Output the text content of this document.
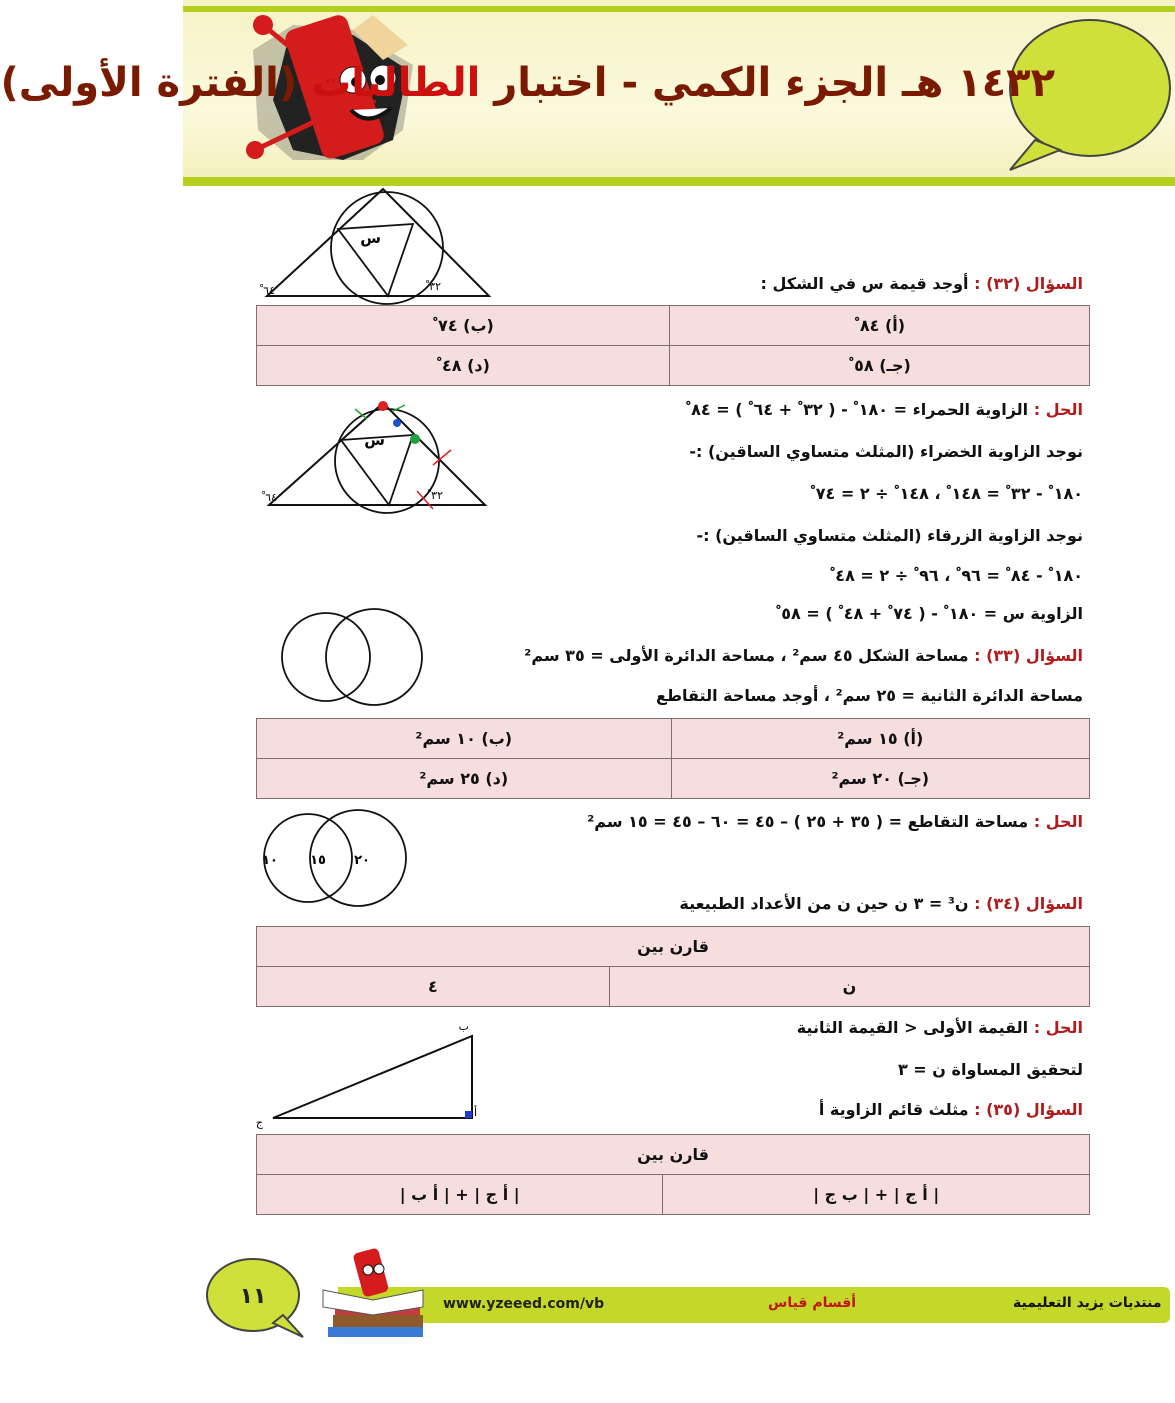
١٤٣٢ هـ الجزء الكمي - اختبار الطالبات (الفترة الأولى)
س
٦٤ ْ	٣٢ ْ	السؤال (٣٢) : أوجد قيمة س في الشكل :
(أ) ٨٤ ْ	(ب) ٧٤ ْ
(جـ) ٥٨ ْ	(د) ٤٨ ْ
س
٦٤ ْ	٣٢ ْ
الحل : الزاوية الحمراء = ١٨٠ ْ - ( ٣٢ ْ + ٦٤ ْ ) = ٨٤ ْ
نوجد الزاوية الخضراء (المثلث متساوي الساقين) :-
١٨٠ ْ - ٣٢ ْ = ١٤٨ ْ ، ١٤٨ ْ ÷ ٢ = ٧٤ ْ
نوجد الزاوية الزرقاء (المثلث متساوي الساقين) :-
١٨٠ ْ - ٨٤ ْ = ٩٦ ْ ، ٩٦ ْ ÷ ٢ = ٤٨ ْ
الزاوية س = ١٨٠ ْ - ( ٧٤ ْ + ٤٨ ْ ) = ٥٨ ْ
السؤال (٣٣) : مساحة الشكل ٤٥ سم² ، مساحة الدائرة الأولى = ٣٥ سم²
مساحة الدائرة الثانية = ٢٥ سم² ، أوجد مساحة التقاطع
(أ) ١٥ سم²	(ب) ١٠ سم²
(جـ) ٢٠ سم²	(د) ٢٥ سم²
الحل : مساحة التقاطع = ( ٣٥ + ٢٥ ) – ٤٥ = ٦٠ – ٤٥ = ١٥ سم²
١٠ ١٥ ٢٠
السؤال (٣٤) : ن³ = ٣ ن حين ن من الأعداد الطبيعية
قارن بين
ن	٤
الحل : القيمة الأولى < القيمة الثانية
لتحقيق المساواة ن = ٣
ب
أ
ج
السؤال (٣٥) : مثلث قائم الزاوية أ
قارن بين
| أ ج | + | ب ج |	| أ ج | + | أ ب |
١١	www.yzeeed.com/vb	أقسام قياس	منتديات يزيد التعليمية
